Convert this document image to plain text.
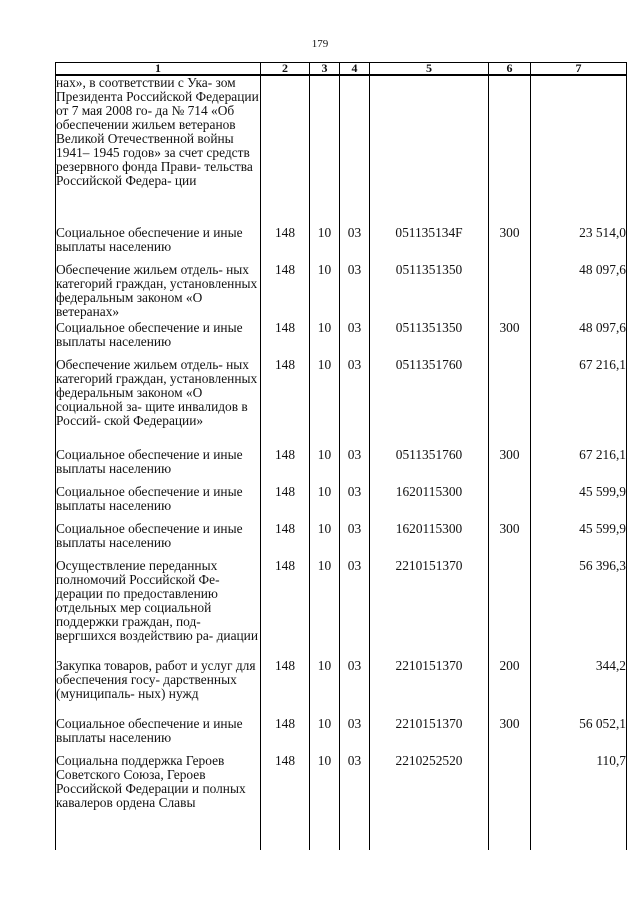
179
1	2	3	4	5	6	7
нах», в соответствии с Ука- зом Президента Российской Федерации от 7 мая 2008 го- да № 714 «Об обеспечении жильем ветеранов Великой Отечественной войны 1941– 1945 годов» за счет средств резервного фонда Прави- тельства Российской Федера- ции						
Социальное обеспечение и иные выплаты населению	148	10	03	051135134F	300	23 514,0
Обеспечение жильем отдель- ных категорий граждан, установленных федеральным законом «О ветеранах»	148	10	03	0511351350		48 097,6
Социальное обеспечение и иные выплаты населению	148	10	03	0511351350	300	48 097,6
Обеспечение жильем отдель- ных категорий граждан, установленных федеральным законом «О социальной за- щите инвалидов в Россий- ской Федерации»	148	10	03	0511351760		67 216,1
Социальное обеспечение и иные выплаты населению	148	10	03	0511351760	300	67 216,1
Социальное обеспечение и иные выплаты населению	148	10	03	1620115300		45 599,9
Социальное обеспечение и иные выплаты населению	148	10	03	1620115300	300	45 599,9
Осуществление переданных полномочий Российской Фе- дерации по предоставлению отдельных мер социальной поддержки граждан, под- вергшихся воздействию ра- диации	148	10	03	2210151370		56 396,3
Закупка товаров, работ и услуг для обеспечения госу- дарственных (муниципаль- ных) нужд	148	10	03	2210151370	200	344,2
Социальное обеспечение и иные выплаты населению	148	10	03	2210151370	300	56 052,1
Социальна поддержка Героев Советского Союза, Героев Российской Федерации и полных кавалеров ордена Славы	148	10	03	2210252520		110,7
